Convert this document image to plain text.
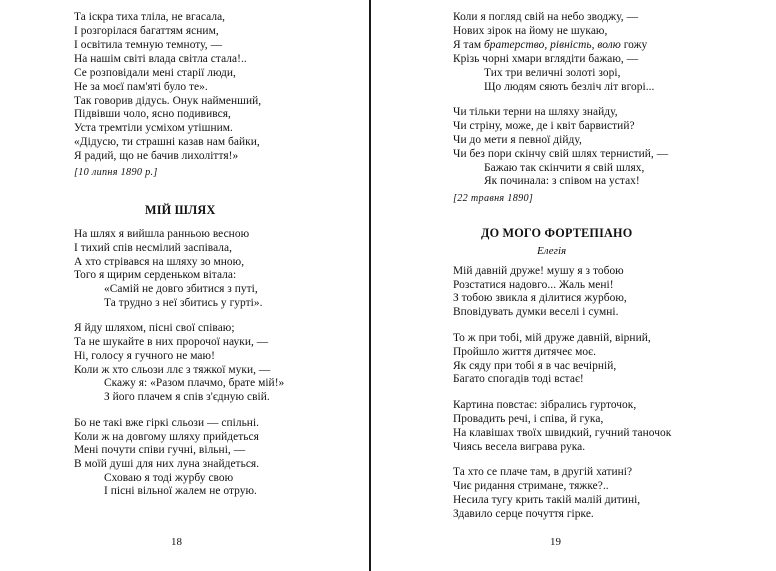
Та іскра тиха тліла, не вгасала,
І розгорілася багаттям ясним,
І освітила темную темноту, —
На нашім світі влада світла стала!..
Се розповідали мені старії люди,
Не за моєї пам'яті було те».
Так говорив дідусь. Онук найменший,
Підвівши чоло, ясно подивився,
Уста тремтіли усміхом утішним.
«Дідусю, ти страшні казав нам байки,
Я радий, що не бачив лихоліття!»
[10 липня 1890 р.]
МІЙ ШЛЯХ
На шлях я вийшла ранньою весною
І тихий спів несмілий заспівала,
А хто стрівався на шляху зо мною,
Того я щирим серденьком вітала:
«Самій не довго збитися з путі,
Та трудно з неї збитись у гурті».
Я йду шляхом, пісні свої співаю;
Та не шукайте в них пророчої науки, —
Ні, голосу я гучного не маю!
Коли ж хто сльози ллє з тяжкої муки, —
Скажу я: «Разом плачмо, брате мій!»
З його плачем я спів з'єдную свій.
Бо не такі вже гіркі сльози — спільні.
Коли ж на довгому шляху прийдеться
Мені почути співи гучні, вільні, —
В моїй душі для них луна знайдеться.
Сховаю я тоді журбу свою
І пісні вільної жалем не отрую.
18
Коли я погляд свій на небо зводжу, —
Нових зірок на йому не шукаю,
Я там братерство, рівність, волю гожу
Крізь чорні хмари вглядіти бажаю, —
Тих три величні золоті зорі,
Що людям сяють безліч літ вгорі...
Чи тільки терни на шляху знайду,
Чи стріну, може, де і квіт барвистий?
Чи до мети я певної дійду,
Чи без пори скінчу свій шлях тернистий, —
Бажаю так скінчити я свій шлях,
Як починала: з співом на устах!
[22 травня 1890]
ДО МОГО ФОРТЕПІАНО
Елегія
Мій давній друже! мушу я з тобою
Розстатися надовго... Жаль мені!
З тобою звикла я ділитися журбою,
Вповідувать думки веселі і сумні.
То ж при тобі, мій друже давній, вірний,
Пройшло життя дитячеє моє.
Як сяду при тобі я в час вечірній,
Багато спогадів тоді встає!
Картина повстає: зібрались гурточок,
Провадить речі, і співа, й гука,
На клавішах твоїх швидкий, гучний таночок
Чиясь весела виграва рука.
Та хто се плаче там, в другій хатині?
Чиє ридання стримане, тяжке?..
Несила тугу крить такій малій дитині,
Здавило серце почуття гірке.
19
